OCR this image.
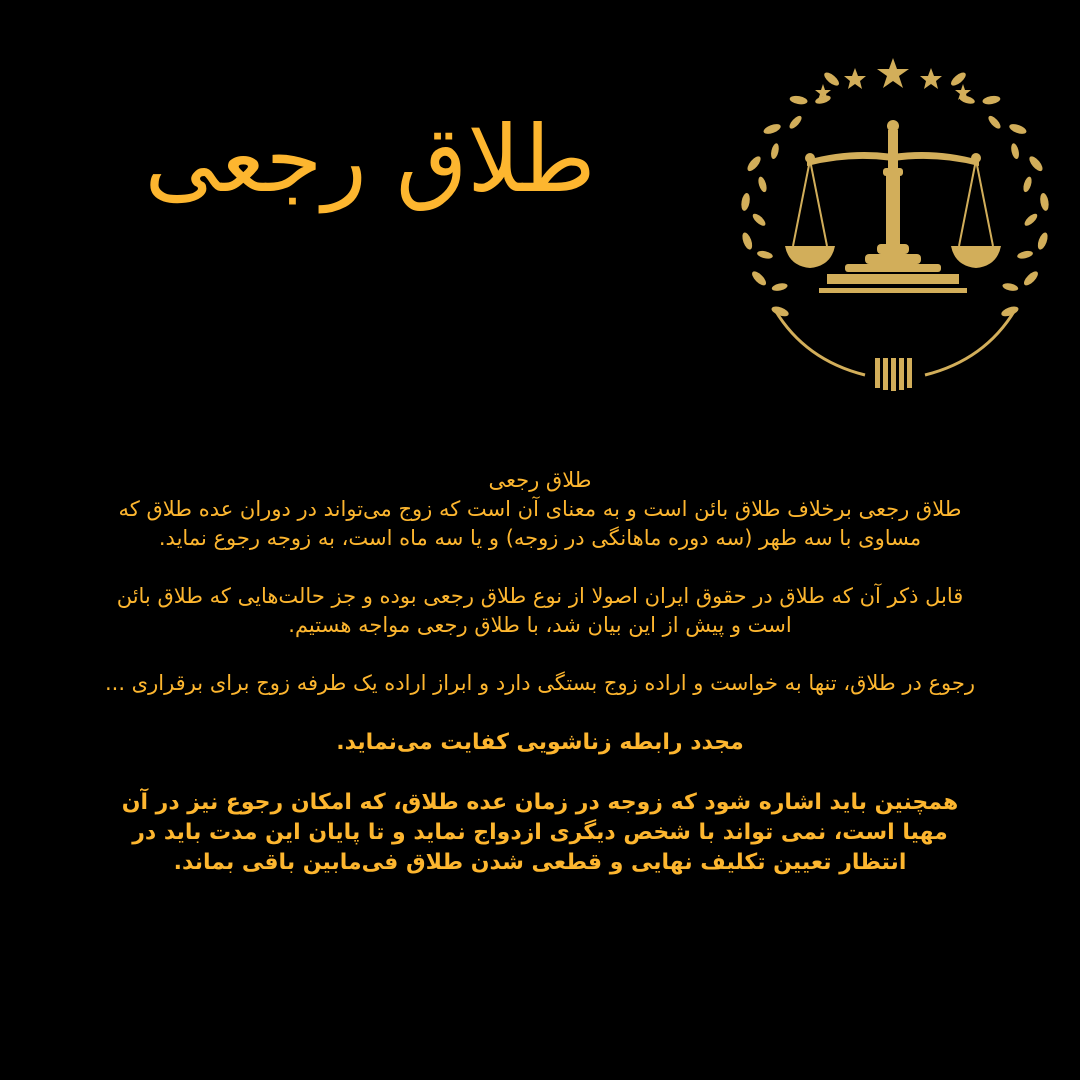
طلاق رجعی

طلاق رجعی

طلاق رجعی برخلاف طلاق بائن است و به معنای آن است که زوج می‌تواند در دوران عده طلاق که

مساوی با سه طهر (سه دوره ماهانگی در زوجه) و یا سه ماه است، به زوجه رجوع نماید.

قابل ذکر آن که طلاق در حقوق ایران اصولا از نوع طلاق رجعی بوده و جز حالت‌هایی که طلاق بائن

است و پیش از این بیان شد، با طلاق رجعی مواجه هستیم.

رجوع در طلاق، تنها به خواست و اراده زوج بستگی دارد و ابراز اراده یک طرفه زوج برای برقراری ...

مجدد رابطه زناشویی کفایت می‌نماید.

همچنین باید اشاره شود که زوجه در زمان عده طلاق، که امکان رجوع نیز در آن

مهیا است، نمی تواند با شخص دیگری ازدواج نماید و تا پایان این مدت باید در

انتظار تعیین تکلیف نهایی و قطعی شدن طلاق فی‌مابین باقی بماند.
